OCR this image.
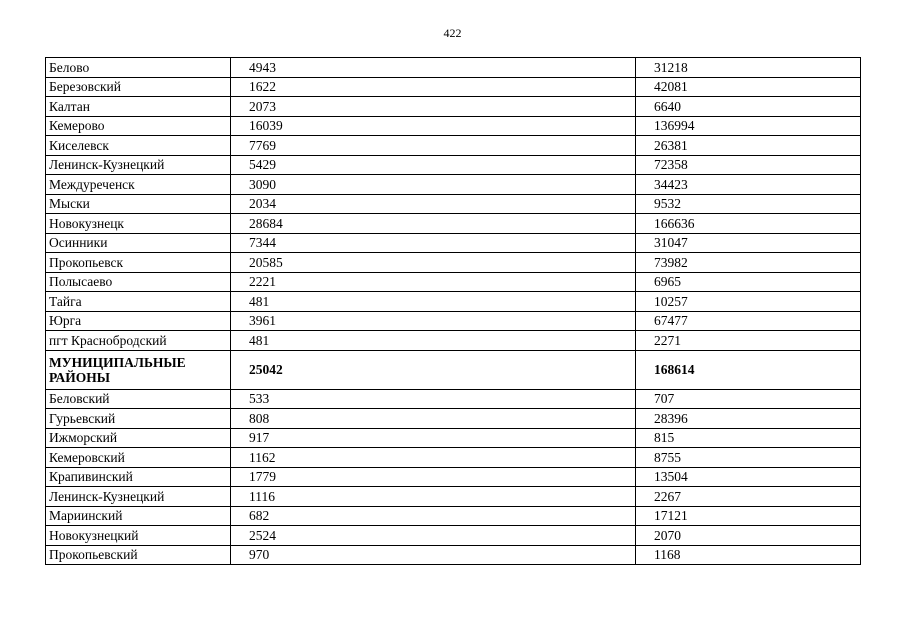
422
Белово	4943	31218
Березовский	1622	42081
Калтан	2073	6640
Кемерово	16039	136994
Киселевск	7769	26381
Ленинск-Кузнецкий	5429	72358
Междуреченск	3090	34423
Мыски	2034	9532
Новокузнецк	28684	166636
Осинники	7344	31047
Прокопьевск	20585	73982
Полысаево	2221	6965
Тайга	481	10257
Юрга	3961	67477
пгт Краснобродский	481	2271
МУНИЦИПАЛЬНЫЕ РАЙОНЫ	25042	168614
Беловский	533	707
Гурьевский	808	28396
Ижморский	917	815
Кемеровский	1162	8755
Крапивинский	1779	13504
Ленинск-Кузнецкий	1116	2267
Мариинский	682	17121
Новокузнецкий	2524	2070
Прокопьевский	970	1168
